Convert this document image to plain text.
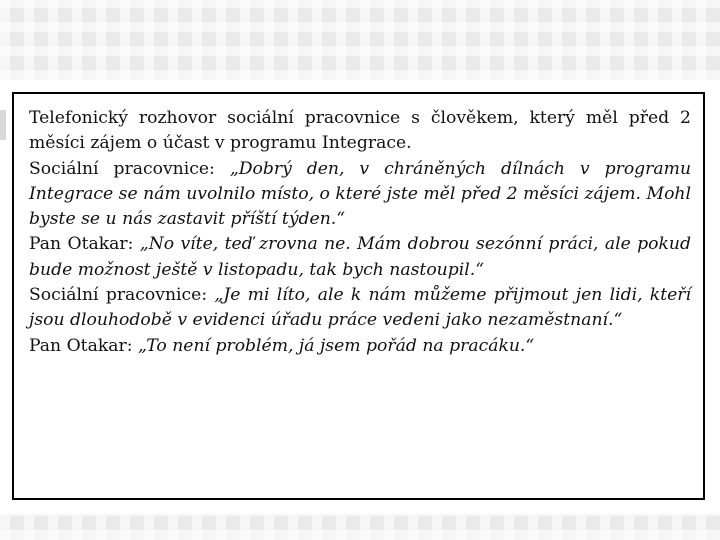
Telefonický rozhovor sociální pracovnice s člověkem, který měl před 2 měsíci zájem o účast v programu Integrace.

Sociální pracovnice: „Dobrý den, v chráněných dílnách v programu Integrace se nám uvolnilo místo, o které jste měl před 2 měsíci zájem. Mohl byste se u nás zastavit příští týden.“

Pan Otakar: „No víte, teď zrovna ne. Mám dobrou sezónní práci, ale pokud bude možnost ještě v listopadu, tak bych nastoupil.“

Sociální pracovnice: „Je mi líto, ale k nám můžeme přijmout jen lidi, kteří jsou dlouhodobě v evidenci úřadu práce vedeni jako nezaměstnaní.“

Pan Otakar: „To není problém, já jsem pořád na pracáku.“
